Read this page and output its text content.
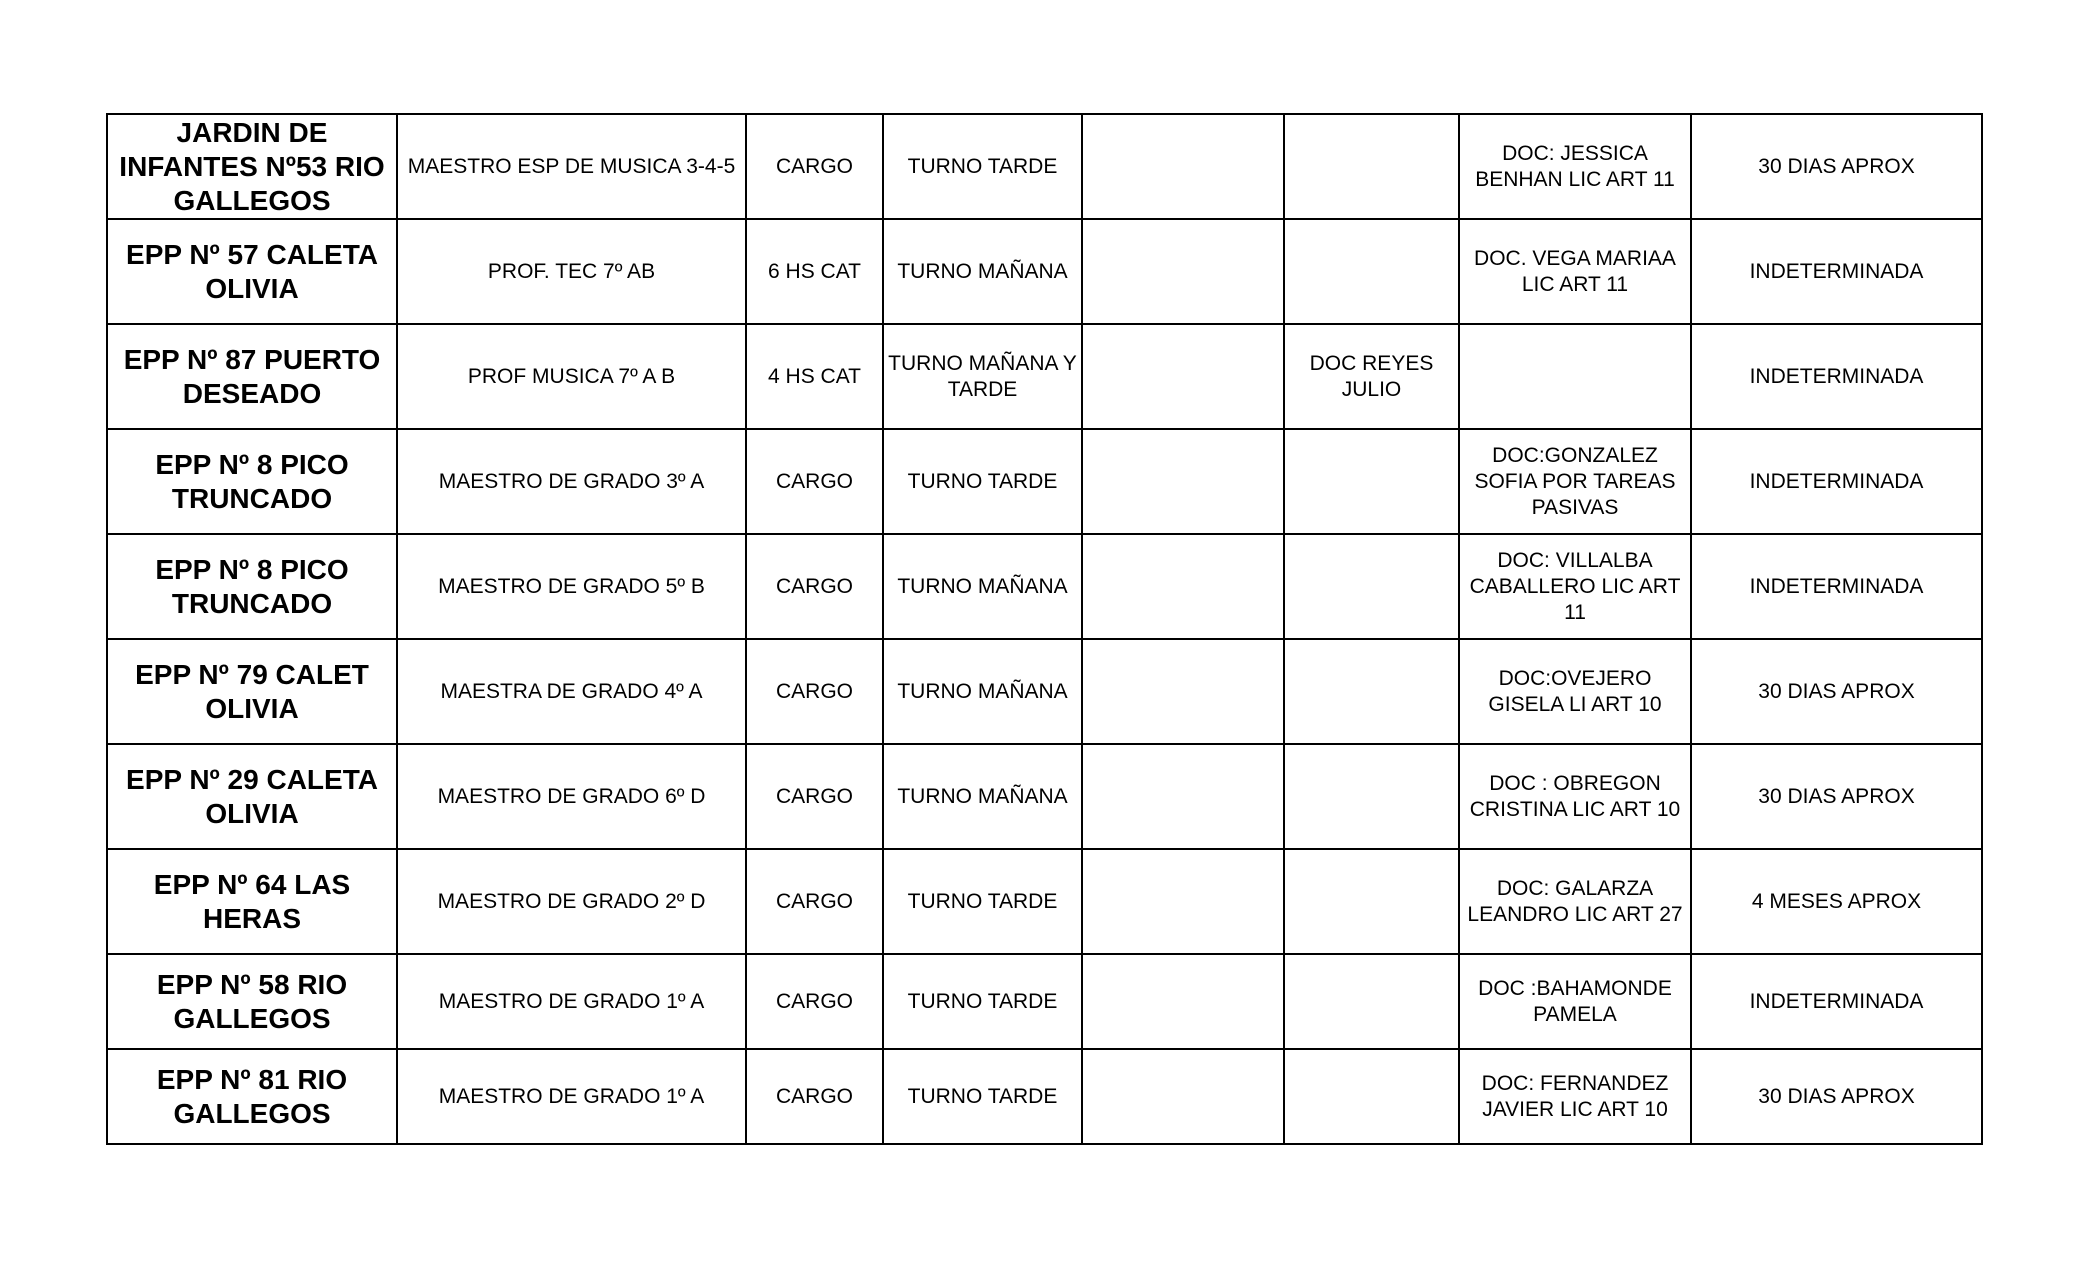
JARDIN DE INFANTES Nº53 RIO GALLEGOS	MAESTRO ESP DE MUSICA 3-4-5	CARGO	TURNO TARDE			DOC: JESSICA BENHAN LIC ART 11	30 DIAS APROX
EPP Nº 57 CALETA OLIVIA	PROF. TEC 7º AB	6 HS CAT	TURNO MAÑANA			DOC. VEGA MARIAA LIC ART 11	INDETERMINADA
EPP Nº 87 PUERTO DESEADO	PROF MUSICA 7º A B	4 HS CAT	TURNO MAÑANA Y TARDE		DOC REYES JULIO		INDETERMINADA
EPP Nº 8 PICO TRUNCADO	MAESTRO DE GRADO 3º A	CARGO	TURNO TARDE			DOC:GONZALEZ SOFIA POR TAREAS PASIVAS	INDETERMINADA
EPP Nº 8 PICO TRUNCADO	MAESTRO DE GRADO 5º B	CARGO	TURNO MAÑANA			DOC: VILLALBA CABALLERO LIC ART 11	INDETERMINADA
EPP Nº 79 CALET OLIVIA	MAESTRA DE GRADO 4º A	CARGO	TURNO MAÑANA			DOC:OVEJERO GISELA LI ART 10	30 DIAS APROX
EPP Nº 29 CALETA OLIVIA	MAESTRO DE GRADO 6º D	CARGO	TURNO MAÑANA			DOC : OBREGON CRISTINA LIC ART 10	30 DIAS APROX
EPP Nº 64 LAS HERAS	MAESTRO DE GRADO 2º D	CARGO	TURNO TARDE			DOC: GALARZA LEANDRO LIC ART 27	4 MESES APROX
EPP Nº 58 RIO GALLEGOS	MAESTRO DE GRADO 1º A	CARGO	TURNO TARDE			DOC :BAHAMONDE PAMELA	INDETERMINADA
EPP Nº 81 RIO GALLEGOS	MAESTRO DE GRADO 1º A	CARGO	TURNO TARDE			DOC: FERNANDEZ JAVIER LIC ART 10	30 DIAS APROX
